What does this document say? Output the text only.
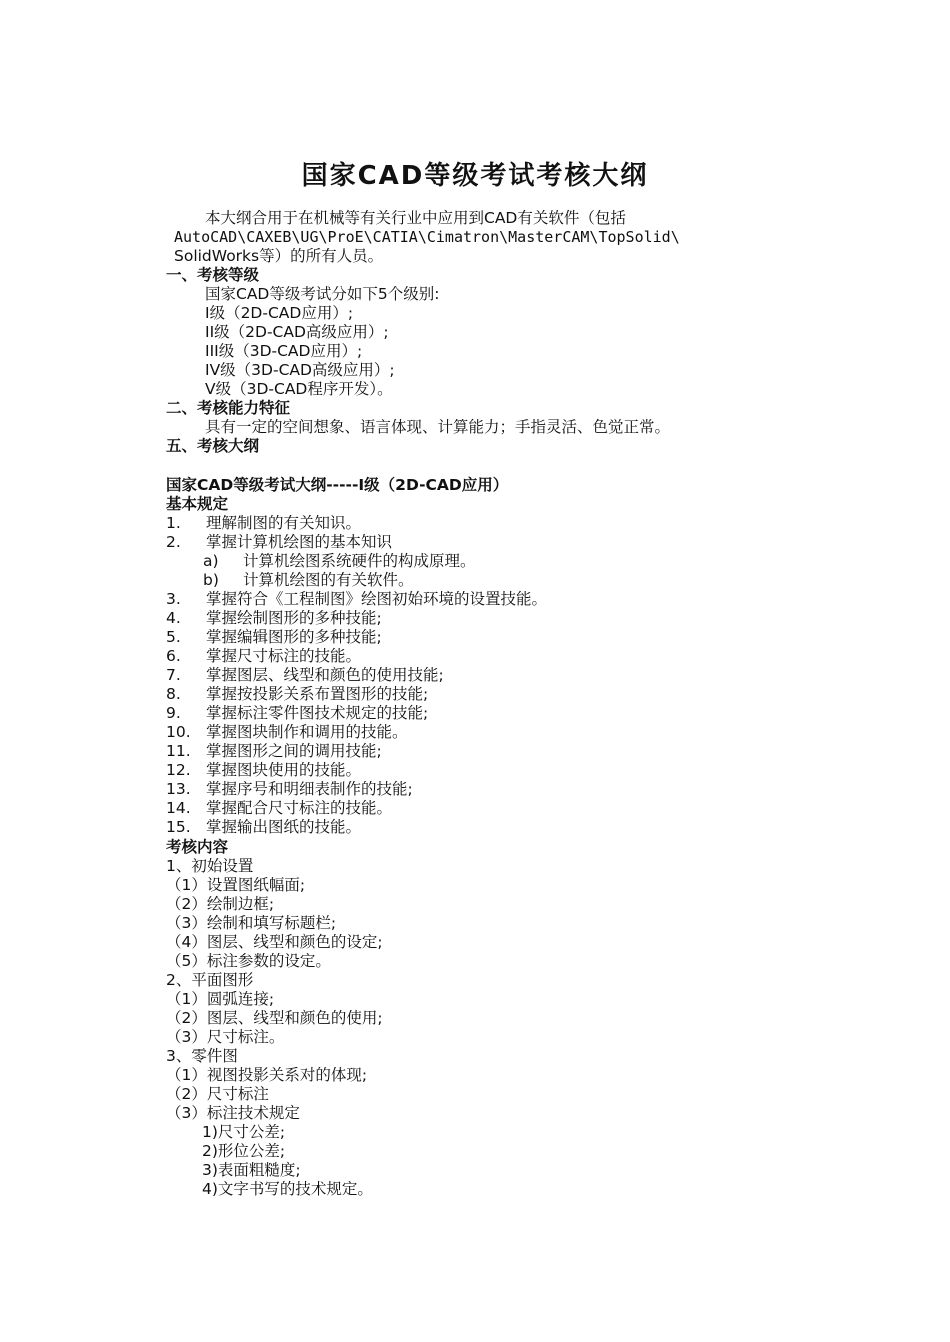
国家CAD等级考试考核大纲
本大纲合用于在机械等有关行业中应用到CAD有关软件（包括
AutoCAD\CAXEB\UG\ProE\CATIA\Cimatron\MasterCAM\TopSolid\
SolidWorks等）的所有人员。
一、考核等级
国家CAD等级考试分如下5个级别:
Ⅰ级（2D-CAD应用）;
ⅠⅠ级（2D-CAD高级应用）;
ⅠⅠⅠ级（3D-CAD应用）;
ⅠV级（3D-CAD高级应用）;
V级（3D-CAD程序开发）。
二、考核能力特征
具有一定的空间想象、语言体现、计算能力；手指灵活、色觉正常。
五、考核大纲
国家CAD等级考试大纲-----Ⅰ级（2D-CAD应用）
基本规定
1. 理解制图的有关知识。
2. 掌握计算机绘图的基本知识
a) 计算机绘图系统硬件的构成原理。
b) 计算机绘图的有关软件。
3. 掌握符合《工程制图》绘图初始环境的设置技能。
4. 掌握绘制图形的多种技能;
5. 掌握编辑图形的多种技能;
6. 掌握尺寸标注的技能。
7. 掌握图层、线型和颜色的使用技能;
8. 掌握按投影关系布置图形的技能;
9. 掌握标注零件图技术规定的技能;
10. 掌握图块制作和调用的技能。
11. 掌握图形之间的调用技能;
12. 掌握图块使用的技能。
13. 掌握序号和明细表制作的技能;
14. 掌握配合尺寸标注的技能。
15. 掌握输出图纸的技能。
考核内容
1、初始设置
（1）设置图纸幅面;
（2）绘制边框;
（3）绘制和填写标题栏;
（4）图层、线型和颜色的设定;
（5）标注参数的设定。
2、平面图形
（1）圆弧连接;
（2）图层、线型和颜色的使用;
（3）尺寸标注。
3、零件图
（1）视图投影关系对的体现;
（2）尺寸标注
（3）标注技术规定
1)尺寸公差;
2)形位公差;
3)表面粗糙度;
4)文字书写的技术规定。
